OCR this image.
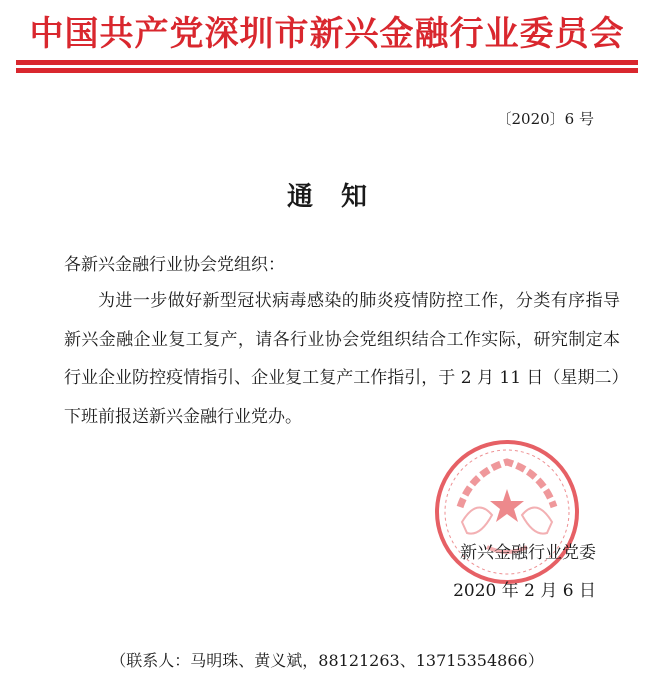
中国共产党深圳市新兴金融行业委员会
〔2020〕6 号
通知
各新兴金融行业协会党组织：
为进一步做好新型冠状病毒感染的肺炎疫情防控工作，分类有序指导新兴金融企业复工复产，请各行业协会党组织结合工作实际，研究制定本行业企业防控疫情指引、企业复工复产工作指引，于 2 月 11 日（星期二）下班前报送新兴金融行业党办。
新兴金融行业党委
2020 年 2 月 6 日
（联系人：马明珠、黄义斌，88121263、13715354866）
